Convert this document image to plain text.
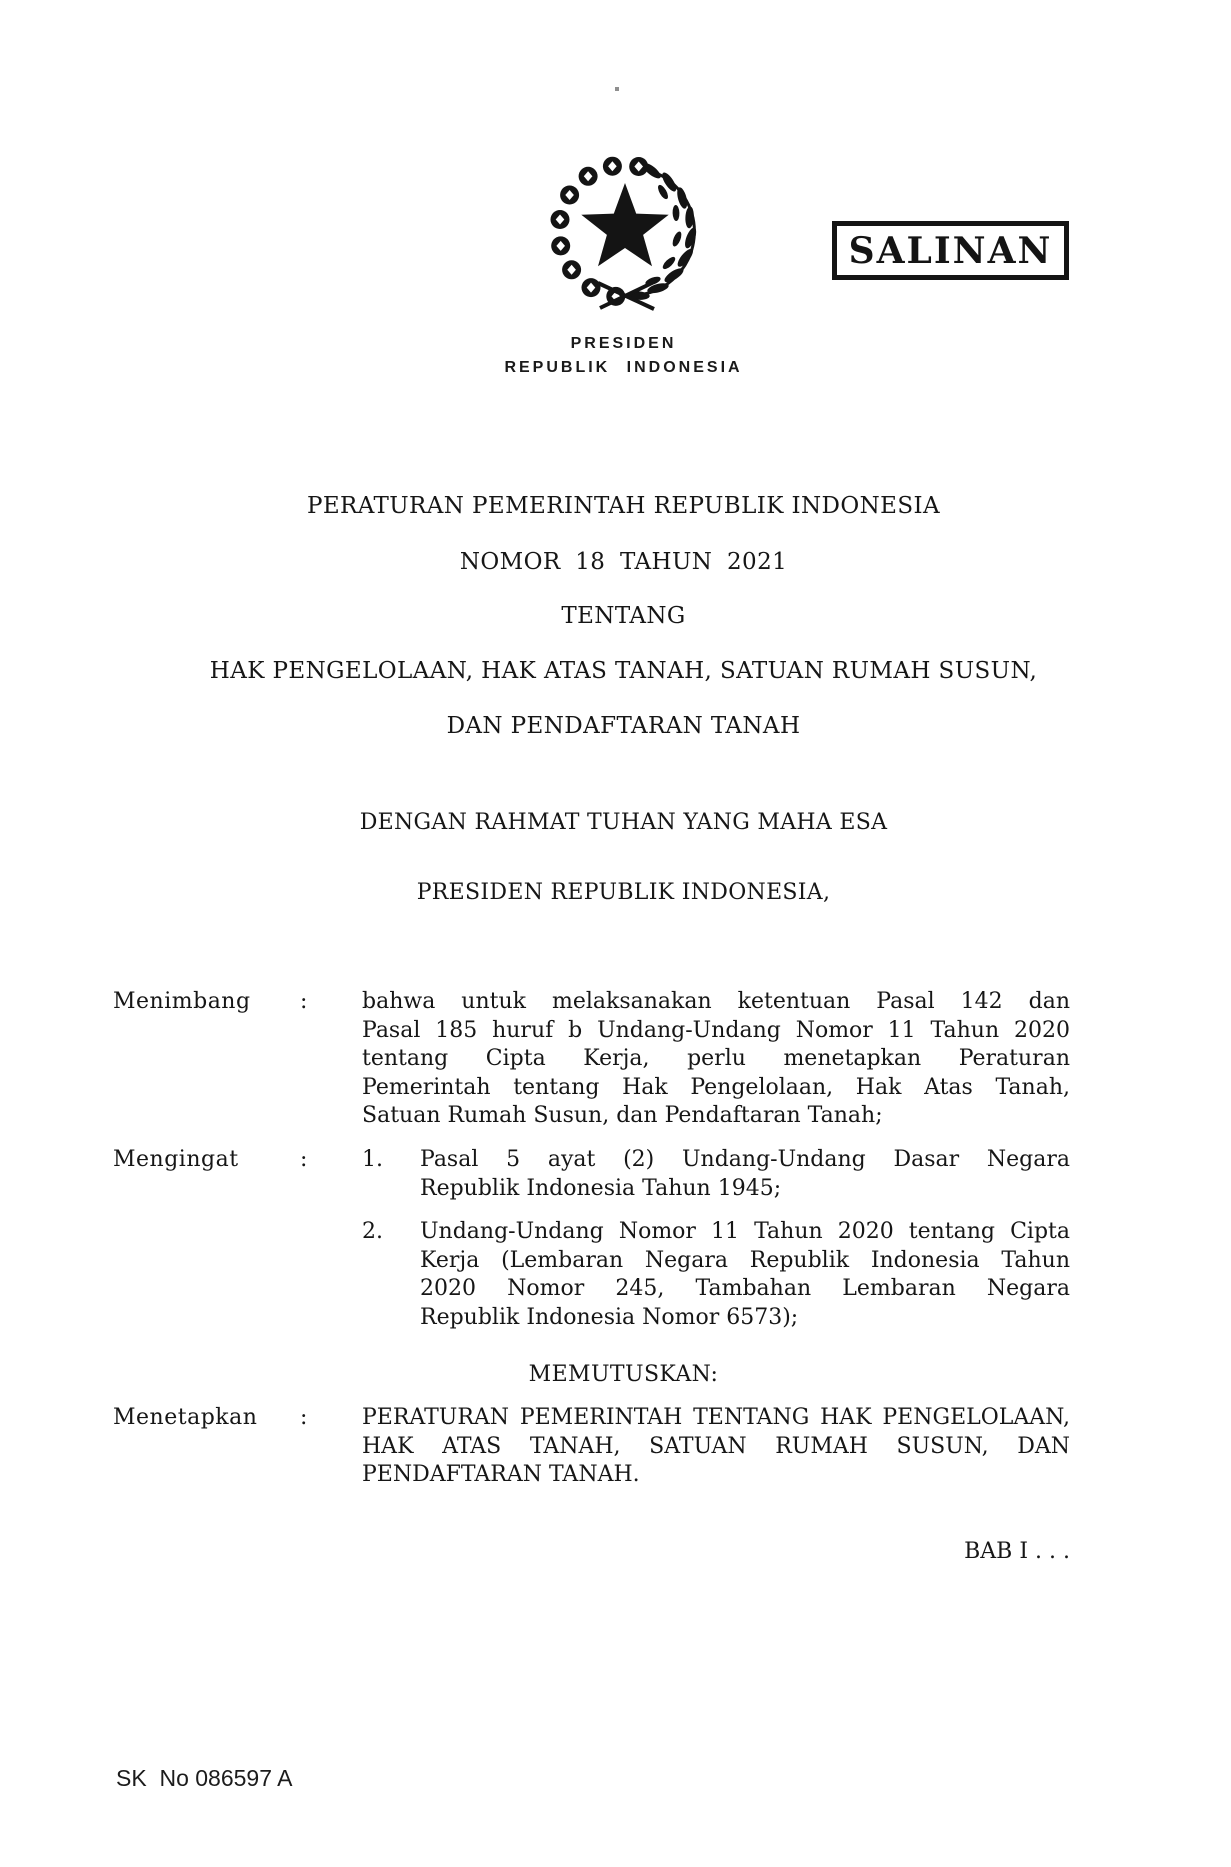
PRESIDEN
REPUBLIK INDONESIA
SALINAN
PERATURAN PEMERINTAH REPUBLIK INDONESIA
NOMOR 18 TAHUN 2021
TENTANG
HAK PENGELOLAAN, HAK ATAS TANAH, SATUAN RUMAH SUSUN,
DAN PENDAFTARAN TANAH
DENGAN RAHMAT TUHAN YANG MAHA ESA
PRESIDEN REPUBLIK INDONESIA,
Menimbang : bahwa untuk melaksanakan ketentuan Pasal 142 dan
Pasal 185 huruf b Undang-Undang Nomor 11 Tahun 2020
tentang Cipta Kerja, perlu menetapkan Peraturan
Pemerintah tentang Hak Pengelolaan, Hak Atas Tanah,
Satuan Rumah Susun, dan Pendaftaran Tanah;
Mengingat	: 1. Pasal 5 ayat (2) Undang-Undang Dasar Negara
Republik Indonesia Tahun 1945;
2. Undang-Undang Nomor 11 Tahun 2020 tentang Cipta
Kerja (Lembaran Negara Republik Indonesia Tahun
2020 Nomor 245, Tambahan Lembaran Negara
Republik Indonesia Nomor 6573);
MEMUTUSKAN:
Menetapkan : PERATURAN PEMERINTAH TENTANG HAK PENGELOLAAN,
HAK ATAS TANAH, SATUAN RUMAH SUSUN, DAN
PENDAFTARAN TANAH.
BAB I . . .
SK  No 086597 A
